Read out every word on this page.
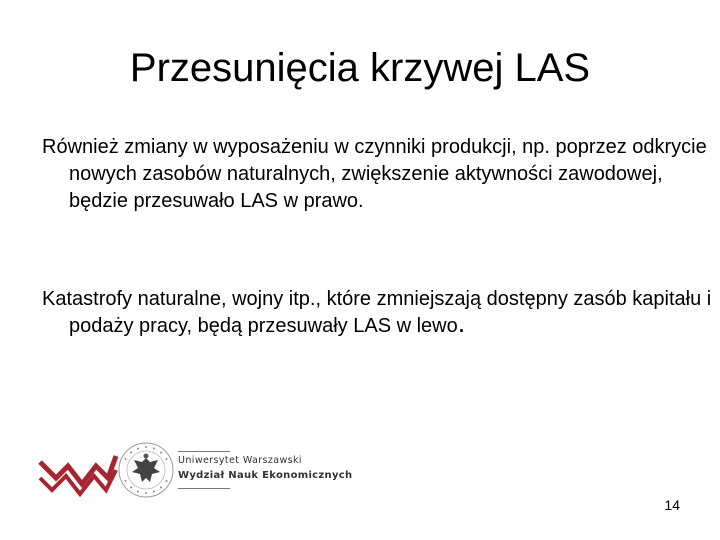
Przesunięcia krzywej LAS
Również zmiany w wyposażeniu w czynniki produkcji, np. poprzez odkrycie nowych zasobów naturalnych, zwiększenie aktywności zawodowej, będzie przesuwało LAS w prawo.
Katastrofy naturalne, wojny itp., które zmniejszają dostępny zasób kapitału i podaży pracy, będą przesuwały LAS w lewo.
Uniwersytet Warszawski
Wydział Nauk Ekonomicznych
14
